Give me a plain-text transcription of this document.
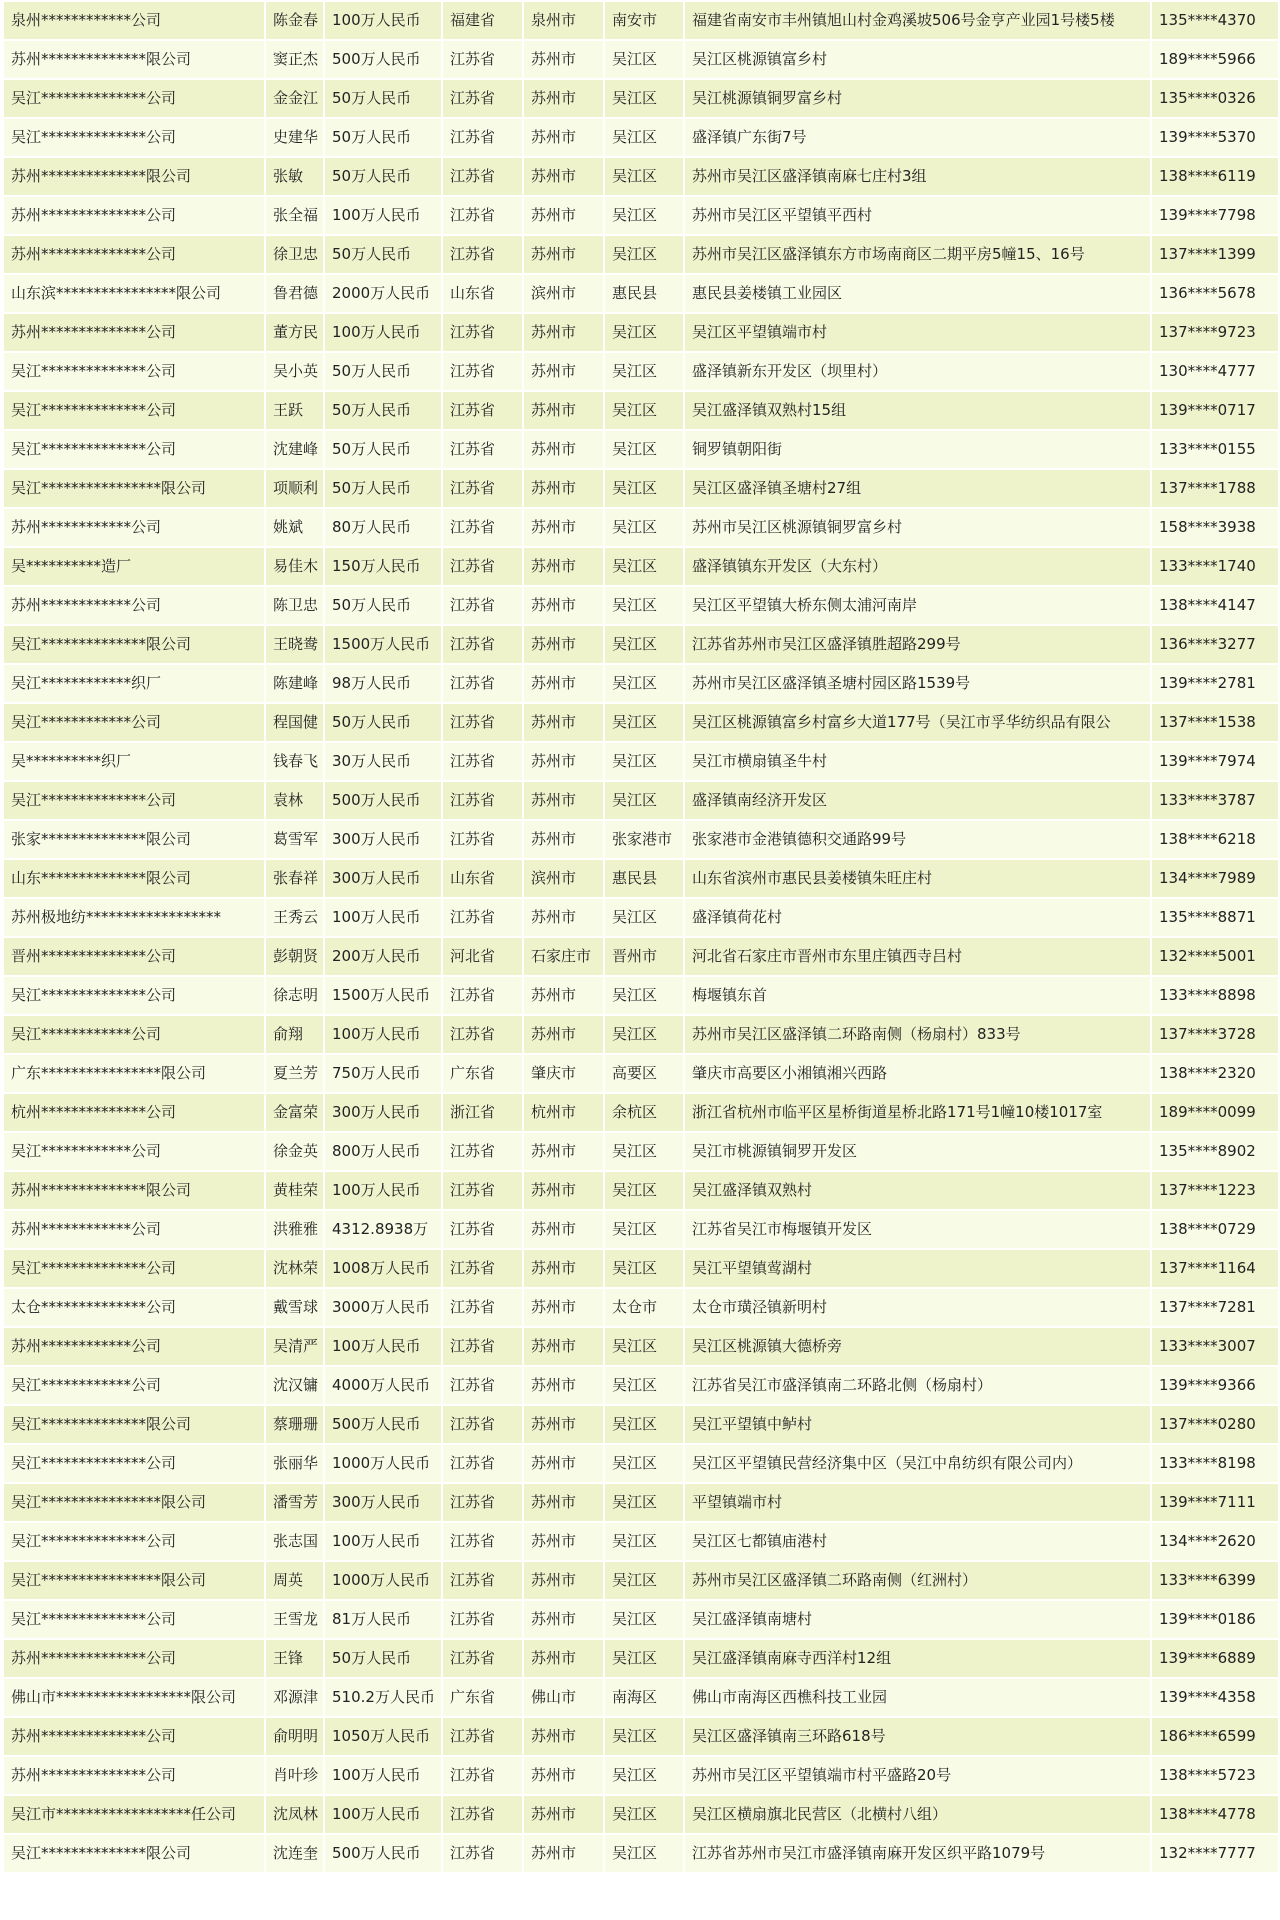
泉州************公司	陈金春	100万人民币	福建省	泉州市	南安市	福建省南安市丰州镇旭山村金鸡溪坡506号金亨产业园1号楼5楼	135****4370
苏州**************限公司	窦正杰	500万人民币	江苏省	苏州市	吴江区	吴江区桃源镇富乡村	189****5966
吴江**************公司	金金江	50万人民币	江苏省	苏州市	吴江区	吴江桃源镇铜罗富乡村	135****0326
吴江**************公司	史建华	50万人民币	江苏省	苏州市	吴江区	盛泽镇广东街7号	139****5370
苏州**************限公司	张敏	50万人民币	江苏省	苏州市	吴江区	苏州市吴江区盛泽镇南麻七庄村3组	138****6119
苏州**************公司	张全福	100万人民币	江苏省	苏州市	吴江区	苏州市吴江区平望镇平西村	139****7798
苏州**************公司	徐卫忠	50万人民币	江苏省	苏州市	吴江区	苏州市吴江区盛泽镇东方市场南商区二期平房5幢15、16号	137****1399
山东滨****************限公司	鲁君德	2000万人民币	山东省	滨州市	惠民县	惠民县姜楼镇工业园区	136****5678
苏州**************公司	董方民	100万人民币	江苏省	苏州市	吴江区	吴江区平望镇端市村	137****9723
吴江**************公司	吴小英	50万人民币	江苏省	苏州市	吴江区	盛泽镇新东开发区（坝里村）	130****4777
吴江**************公司	王跃	50万人民币	江苏省	苏州市	吴江区	吴江盛泽镇双熟村15组	139****0717
吴江**************公司	沈建峰	50万人民币	江苏省	苏州市	吴江区	铜罗镇朝阳街	133****0155
吴江****************限公司	项顺利	50万人民币	江苏省	苏州市	吴江区	吴江区盛泽镇圣塘村27组	137****1788
苏州************公司	姚斌	80万人民币	江苏省	苏州市	吴江区	苏州市吴江区桃源镇铜罗富乡村	158****3938
吴**********造厂	易佳木	150万人民币	江苏省	苏州市	吴江区	盛泽镇镇东开发区（大东村）	133****1740
苏州************公司	陈卫忠	50万人民币	江苏省	苏州市	吴江区	吴江区平望镇大桥东侧太浦河南岸	138****4147
吴江**************限公司	王晓鸯	1500万人民币	江苏省	苏州市	吴江区	江苏省苏州市吴江区盛泽镇胜超路299号	136****3277
吴江************织厂	陈建峰	98万人民币	江苏省	苏州市	吴江区	苏州市吴江区盛泽镇圣塘村园区路1539号	139****2781
吴江************公司	程国健	50万人民币	江苏省	苏州市	吴江区	吴江区桃源镇富乡村富乡大道177号（吴江市孚华纺织品有限公	137****1538
吴**********织厂	钱春飞	30万人民币	江苏省	苏州市	吴江区	吴江市横扇镇圣牛村	139****7974
吴江**************公司	袁林	500万人民币	江苏省	苏州市	吴江区	盛泽镇南经济开发区	133****3787
张家**************限公司	葛雪军	300万人民币	江苏省	苏州市	张家港市	张家港市金港镇德积交通路99号	138****6218
山东**************限公司	张春祥	300万人民币	山东省	滨州市	惠民县	山东省滨州市惠民县姜楼镇朱旺庄村	134****7989
苏州极地纺******************	王秀云	100万人民币	江苏省	苏州市	吴江区	盛泽镇荷花村	135****8871
晋州**************公司	彭朝贤	200万人民币	河北省	石家庄市	晋州市	河北省石家庄市晋州市东里庄镇西寺吕村	132****5001
吴江**************公司	徐志明	1500万人民币	江苏省	苏州市	吴江区	梅堰镇东首	133****8898
吴江************公司	俞翔	100万人民币	江苏省	苏州市	吴江区	苏州市吴江区盛泽镇二环路南侧（杨扇村）833号	137****3728
广东****************限公司	夏兰芳	750万人民币	广东省	肇庆市	高要区	肇庆市高要区小湘镇湘兴西路	138****2320
杭州**************公司	金富荣	300万人民币	浙江省	杭州市	余杭区	浙江省杭州市临平区星桥街道星桥北路171号1幢10楼1017室	189****0099
吴江************公司	徐金英	800万人民币	江苏省	苏州市	吴江区	吴江市桃源镇铜罗开发区	135****8902
苏州**************限公司	黄桂荣	100万人民币	江苏省	苏州市	吴江区	吴江盛泽镇双熟村	137****1223
苏州************公司	洪雅雅	4312.8938万	江苏省	苏州市	吴江区	江苏省吴江市梅堰镇开发区	138****0729
吴江**************公司	沈林荣	1008万人民币	江苏省	苏州市	吴江区	吴江平望镇莺湖村	137****1164
太仓**************公司	戴雪球	3000万人民币	江苏省	苏州市	太仓市	太仓市璜泾镇新明村	137****7281
苏州************公司	吴清严	100万人民币	江苏省	苏州市	吴江区	吴江区桃源镇大德桥旁	133****3007
吴江************公司	沈汉镛	4000万人民币	江苏省	苏州市	吴江区	江苏省吴江市盛泽镇南二环路北侧（杨扇村）	139****9366
吴江**************限公司	蔡珊珊	500万人民币	江苏省	苏州市	吴江区	吴江平望镇中鲈村	137****0280
吴江**************公司	张丽华	1000万人民币	江苏省	苏州市	吴江区	吴江区平望镇民营经济集中区（吴江中帛纺织有限公司内）	133****8198
吴江****************限公司	潘雪芳	300万人民币	江苏省	苏州市	吴江区	平望镇端市村	139****7111
吴江**************公司	张志国	100万人民币	江苏省	苏州市	吴江区	吴江区七都镇庙港村	134****2620
吴江****************限公司	周英	1000万人民币	江苏省	苏州市	吴江区	苏州市吴江区盛泽镇二环路南侧（红洲村）	133****6399
吴江**************公司	王雪龙	81万人民币	江苏省	苏州市	吴江区	吴江盛泽镇南塘村	139****0186
苏州**************公司	王锋	50万人民币	江苏省	苏州市	吴江区	吴江盛泽镇南麻寺西洋村12组	139****6889
佛山市******************限公司	邓源津	510.2万人民币	广东省	佛山市	南海区	佛山市南海区西樵科技工业园	139****4358
苏州**************公司	俞明明	1050万人民币	江苏省	苏州市	吴江区	吴江区盛泽镇南三环路618号	186****6599
苏州**************公司	肖叶珍	100万人民币	江苏省	苏州市	吴江区	苏州市吴江区平望镇端市村平盛路20号	138****5723
吴江市******************任公司	沈凤林	100万人民币	江苏省	苏州市	吴江区	吴江区横扇旗北民营区（北横村八组）	138****4778
吴江**************限公司	沈连奎	500万人民币	江苏省	苏州市	吴江区	江苏省苏州市吴江市盛泽镇南麻开发区织平路1079号	132****7777
